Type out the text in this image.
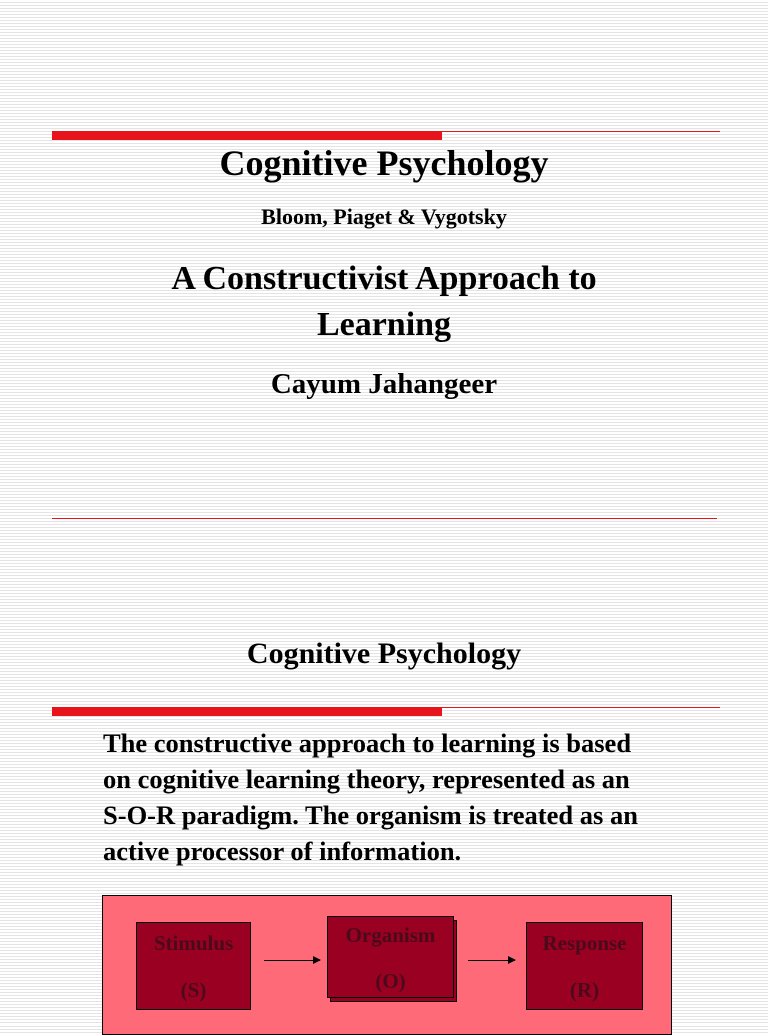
Cognitive Psychology
Bloom, Piaget & Vygotsky
A Constructivist Approach to
Learning
Cayum Jahangeer
Cognitive Psychology
The constructive approach to learning is based
on cognitive learning theory, represented as an
S-O-R paradigm. The organism is treated as an
active processor of information.
Stimulus
(S)
Organism
(O)
Response
(R)
